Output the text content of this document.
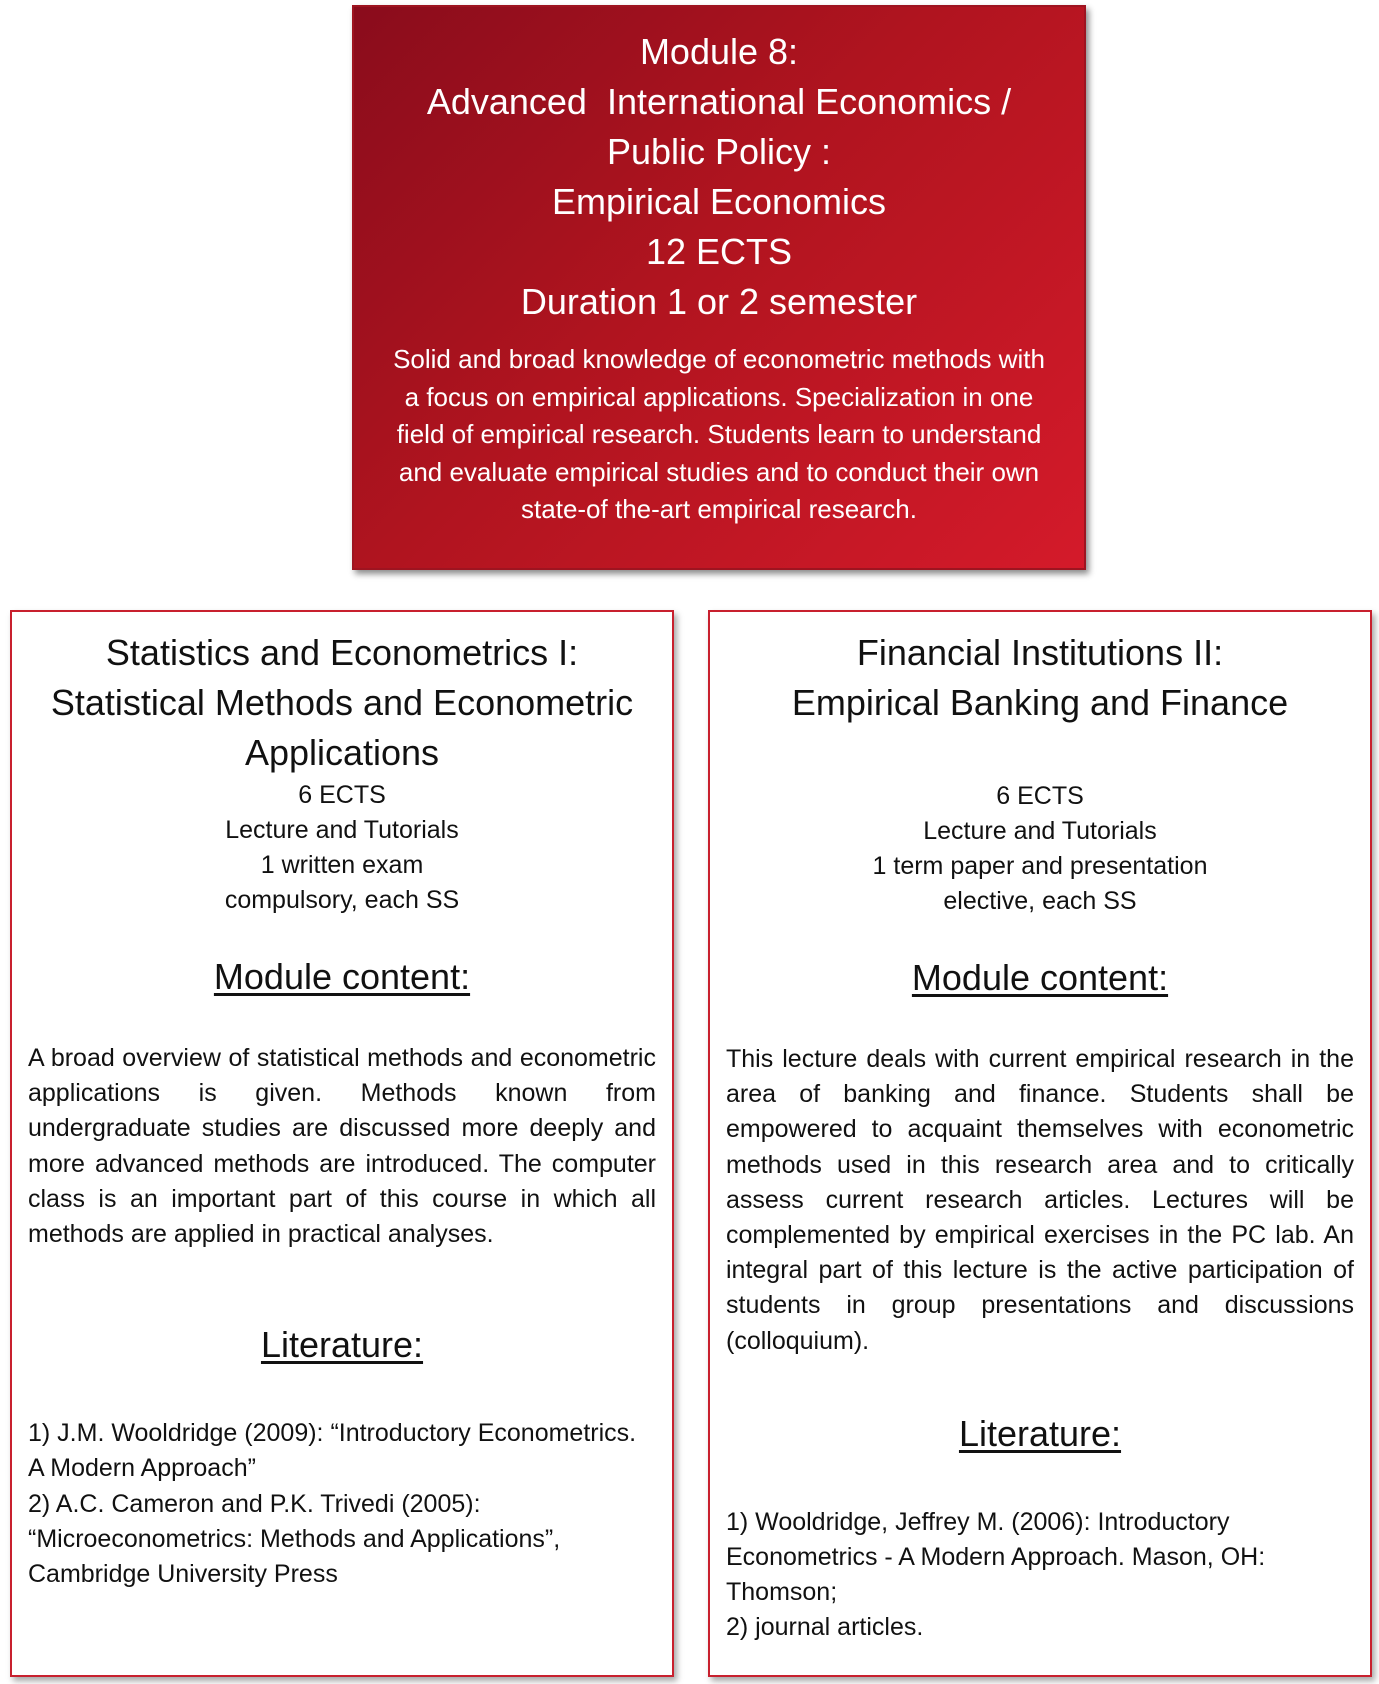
Module 8:
Advanced  International Economics /
Public Policy :
Empirical Economics
12 ECTS
Duration 1 or 2 semester
Solid and broad knowledge of econometric methods with a focus on empirical applications. Specialization in one field of empirical research. Students learn to understand and evaluate empirical studies and to conduct their own state-of the-art empirical research.
Statistics and Econometrics I:
Statistical Methods and Econometric
Applications
6 ECTS
Lecture and Tutorials
1 written exam
compulsory, each SS
Module content:
A broad overview of statistical methods and econometric applications is given. Methods known from undergraduate studies are discussed more deeply and more advanced methods are introduced. The computer class is an important part of this course in which all methods are applied in practical analyses.
Literature:
1) J.M. Wooldridge (2009): “Introductory Econometrics. A Modern Approach”
2) A.C. Cameron and P.K. Trivedi (2005): “Microeconometrics: Methods and Applications”, Cambridge University Press
Financial Institutions II:
Empirical Banking and Finance
6 ECTS
Lecture and Tutorials
1 term paper and presentation
elective, each SS
Module content:
This lecture deals with current empirical research in the area of banking and finance. Students shall be empowered to acquaint themselves with econometric methods used in this research area and to critically assess current research articles. Lectures will be complemented by empirical exercises in the PC lab. An integral part of this lecture is the active participation of students in group presentations and discussions (colloquium).
Literature:
1) Wooldridge, Jeffrey M. (2006): Introductory Econometrics - A Modern Approach. Mason, OH: Thomson;
2) journal articles.
